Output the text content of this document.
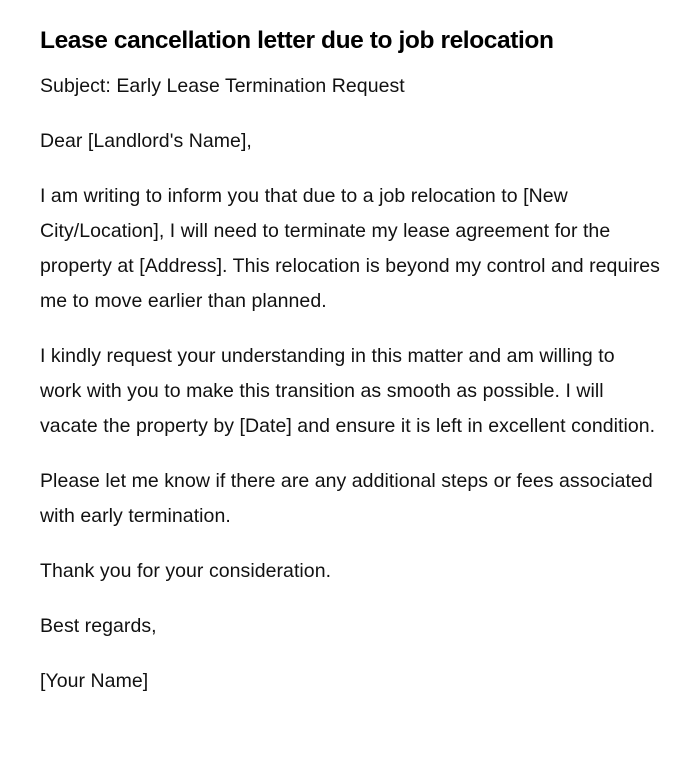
Lease cancellation letter due to job relocation

Subject: Early Lease Termination Request

Dear [Landlord's Name],

I am writing to inform you that due to a job relocation to [New City/Location], I will need to terminate my lease agreement for the property at [Address]. This relocation is beyond my control and requires me to move earlier than planned.

I kindly request your understanding in this matter and am willing to work with you to make this transition as smooth as possible. I will vacate the property by [Date] and ensure it is left in excellent condition.

Please let me know if there are any additional steps or fees associated with early termination.

Thank you for your consideration.

Best regards,

[Your Name]
